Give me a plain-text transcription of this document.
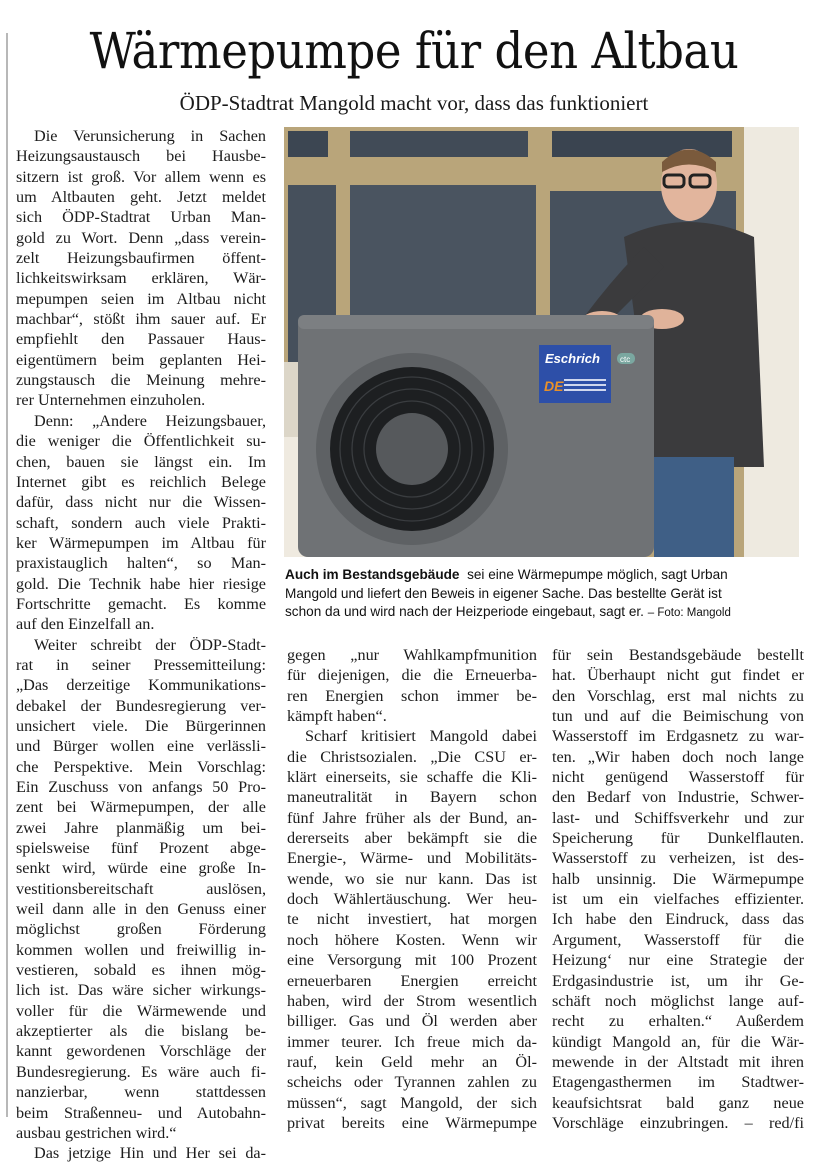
Wärmepumpe für den Altbau
ÖDP-Stadtrat Mangold macht vor, dass das funktioniert
Die Verunsicherung in Sachen
Heizungsaustausch bei Hausbe-
sitzern ist groß. Vor allem wenn es
um Altbauten geht. Jetzt meldet
sich ÖDP-Stadtrat Urban Man-
gold zu Wort. Denn „dass verein-
zelt Heizungsbaufirmen öffent-
lichkeitswirksam erklären, Wär-
mepumpen seien im Altbau nicht
machbar“, stößt ihm sauer auf. Er
empfiehlt den Passauer Haus-
eigentümern beim geplanten Hei-
zungstausch die Meinung mehre-
rer Unternehmen einzuholen.
Denn: „Andere Heizungsbauer,
die weniger die Öffentlichkeit su-
chen, bauen sie längst ein. Im
Internet gibt es reichlich Belege
dafür, dass nicht nur die Wissen-
schaft, sondern auch viele Prakti-
ker Wärmepumpen im Altbau für
praxistauglich halten“, so Man-
gold. Die Technik habe hier riesige
Fortschritte gemacht. Es komme
auf den Einzelfall an.
Weiter schreibt der ÖDP-Stadt-
rat in seiner Pressemitteilung:
„Das derzeitige Kommunikations-
debakel der Bundesregierung ver-
unsichert viele. Die Bürgerinnen
und Bürger wollen eine verlässli-
che Perspektive. Mein Vorschlag:
Ein Zuschuss von anfangs 50 Pro-
zent bei Wärmepumpen, der alle
zwei Jahre planmäßig um bei-
spielsweise fünf Prozent abge-
senkt wird, würde eine große In-
vestitionsbereitschaft auslösen,
weil dann alle in den Genuss einer
möglichst großen Förderung
kommen wollen und freiwillig in-
vestieren, sobald es ihnen mög-
lich ist. Das wäre sicher wirkungs-
voller für die Wärmewende und
akzeptierter als die bislang be-
kannt gewordenen Vorschläge der
Bundesregierung. Es wäre auch fi-
nanzierbar, wenn stattdessen
beim Straßenneu- und Autobahn-
ausbau gestrichen wird.“
Das jetzige Hin und Her sei da-
Eschrich
DE
ctc
Auch im Bestandsgebäude sei eine Wärmepumpe möglich, sagt Urban
Mangold und liefert den Beweis in eigener Sache. Das bestellte Gerät ist
schon da und wird nach der Heizperiode eingebaut, sagt er. – Foto: Mangold
gegen „nur Wahlkampfmunition
für diejenigen, die die Erneuerba-
ren Energien schon immer be-
kämpft haben“.
Scharf kritisiert Mangold dabei
die Christsozialen. „Die CSU er-
klärt einerseits, sie schaffe die Kli-
maneutralität in Bayern schon
fünf Jahre früher als der Bund, an-
dererseits aber bekämpft sie die
Energie-, Wärme- und Mobilitäts-
wende, wo sie nur kann. Das ist
doch Wählertäuschung. Wer heu-
te nicht investiert, hat morgen
noch höhere Kosten. Wenn wir
eine Versorgung mit 100 Prozent
erneuerbaren Energien erreicht
haben, wird der Strom wesentlich
billiger. Gas und Öl werden aber
immer teurer. Ich freue mich da-
rauf, kein Geld mehr an Öl-
scheichs oder Tyrannen zahlen zu
müssen“, sagt Mangold, der sich
privat bereits eine Wärmepumpe
für sein Bestandsgebäude bestellt
hat. Überhaupt nicht gut findet er
den Vorschlag, erst mal nichts zu
tun und auf die Beimischung von
Wasserstoff im Erdgasnetz zu war-
ten. „Wir haben doch noch lange
nicht genügend Wasserstoff für
den Bedarf von Industrie, Schwer-
last- und Schiffsverkehr und zur
Speicherung für Dunkelflauten.
Wasserstoff zu verheizen, ist des-
halb unsinnig. Die Wärmepumpe
ist um ein vielfaches effizienter.
Ich habe den Eindruck, dass das
Argument, Wasserstoff für die
Heizung‘ nur eine Strategie der
Erdgasindustrie ist, um ihr Ge-
schäft noch möglichst lange auf-
recht zu erhalten.“ Außerdem
kündigt Mangold an, für die Wär-
mewende in der Altstadt mit ihren
Etagengasthermen im Stadtwer-
keaufsichtsrat bald ganz neue
Vorschläge einzubringen. – red/fi
